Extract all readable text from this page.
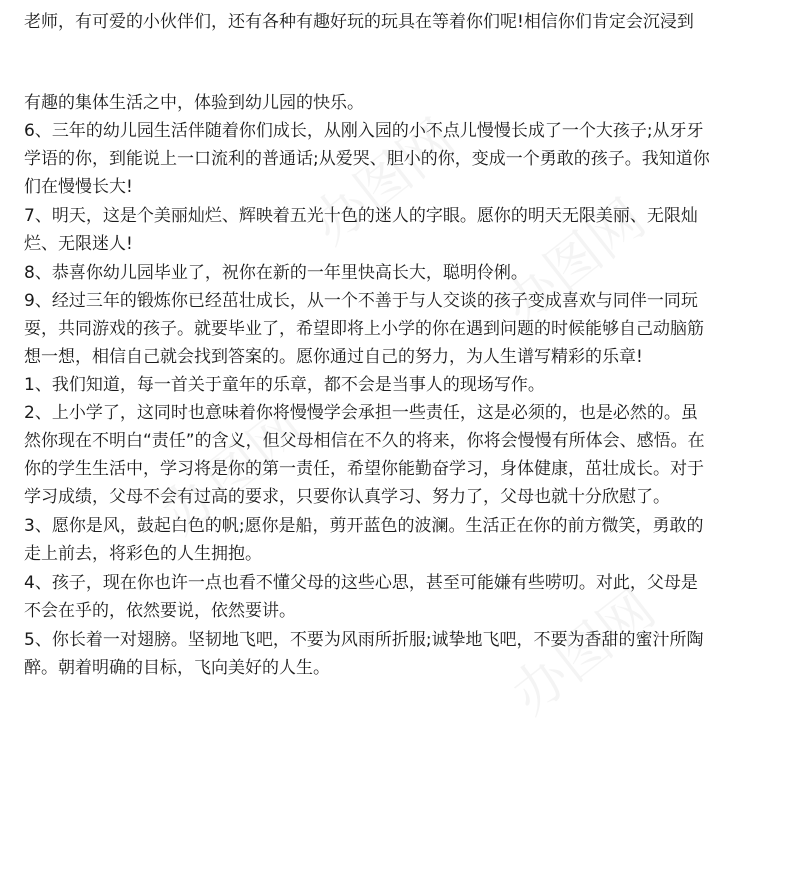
老师，有可爱的小伙伴们，还有各种有趣好玩的玩具在等着你们呢!相信你们肯定会沉浸到
有趣的集体生活之中，体验到幼儿园的快乐。
6、三年的幼儿园生活伴随着你们成长，从刚入园的小不点儿慢慢长成了一个大孩子;从牙牙
学语的你，到能说上一口流利的普通话;从爱哭、胆小的你，变成一个勇敢的孩子。我知道你
们在慢慢长大!
7、明天，这是个美丽灿烂、辉映着五光十色的迷人的字眼。愿你的明天无限美丽、无限灿
烂、无限迷人!
8、恭喜你幼儿园毕业了，祝你在新的一年里快高长大，聪明伶俐。
9、经过三年的锻炼你已经茁壮成长，从一个不善于与人交谈的孩子变成喜欢与同伴一同玩
耍，共同游戏的孩子。就要毕业了，希望即将上小学的你在遇到问题的时候能够自己动脑筋
想一想，相信自己就会找到答案的。愿你通过自己的努力，为人生谱写精彩的乐章!
1、我们知道，每一首关于童年的乐章，都不会是当事人的现场写作。
2、上小学了，这同时也意味着你将慢慢学会承担一些责任，这是必须的，也是必然的。虽
然你现在不明白“责任”的含义，但父母相信在不久的将来，你将会慢慢有所体会、感悟。在
你的学生生活中，学习将是你的第一责任，希望你能勤奋学习，身体健康，茁壮成长。对于
学习成绩，父母不会有过高的要求，只要你认真学习、努力了，父母也就十分欣慰了。
3、愿你是风，鼓起白色的帆;愿你是船，剪开蓝色的波澜。生活正在你的前方微笑，勇敢的
走上前去，将彩色的人生拥抱。
4、孩子，现在你也许一点也看不懂父母的这些心思，甚至可能嫌有些唠叨。对此，父母是
不会在乎的，依然要说，依然要讲。
5、你长着一对翅膀。坚韧地飞吧，不要为风雨所折服;诚挚地飞吧，不要为香甜的蜜汁所陶
醉。朝着明确的目标，飞向美好的人生。
